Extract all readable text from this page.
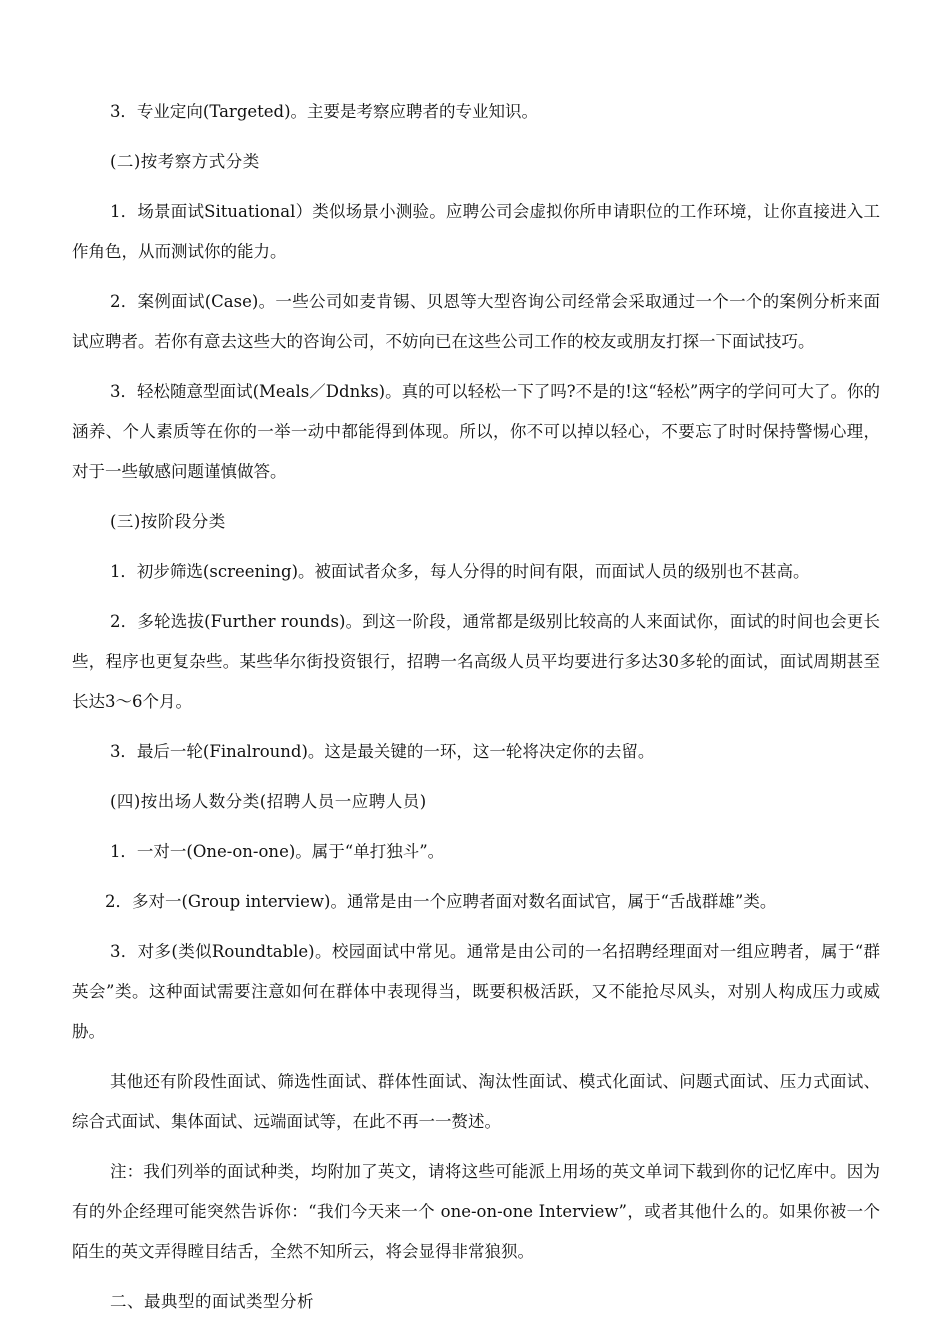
3．专业定向(Targeted)。主要是考察应聘者的专业知识。

(二)按考察方式分类

1．场景面试Situational）类似场景小测验。应聘公司会虚拟你所申请职位的工作环境，让你直接进入工作角色，从而测试你的能力。

2．案例面试(Case)。一些公司如麦肯锡、贝恩等大型咨询公司经常会采取通过一个一个的案例分析来面试应聘者。若你有意去这些大的咨询公司，不妨向已在这些公司工作的校友或朋友打探一下面试技巧。

3．轻松随意型面试(Meals／Ddnks)。真的可以轻松一下了吗?不是的!这“轻松”两字的学问可大了。你的涵养、个人素质等在你的一举一动中都能得到体现。所以，你不可以掉以轻心，不要忘了时时保持警惕心理，对于一些敏感问题谨慎做答。

(三)按阶段分类

1．初步筛选(screening)。被面试者众多，每人分得的时间有限，而面试人员的级别也不甚高。

2．多轮选拔(Further rounds)。到这一阶段，通常都是级别比较高的人来面试你，面试的时间也会更长些，程序也更复杂些。某些华尔街投资银行，招聘一名高级人员平均要进行多达30多轮的面试，面试周期甚至长达3～6个月。

3．最后一轮(Finalround)。这是最关键的一环，这一轮将决定你的去留。

(四)按出场人数分类(招聘人员一应聘人员)

1．一对一(One-on-one)。属于“单打独斗”。

2．多对一(Group interview)。通常是由一个应聘者面对数名面试官，属于“舌战群雄”类。

3．对多(类似Roundtable)。校园面试中常见。通常是由公司的一名招聘经理面对一组应聘者，属于“群英会”类。这种面试需要注意如何在群体中表现得当，既要积极活跃，又不能抢尽风头，对别人构成压力或威胁。

其他还有阶段性面试、筛选性面试、群体性面试、淘汰性面试、模式化面试、问题式面试、压力式面试、综合式面试、集体面试、远端面试等，在此不再一一赘述。

注：我们列举的面试种类，均附加了英文，请将这些可能派上用场的英文单词下载到你的记忆库中。因为有的外企经理可能突然告诉你：“我们今天来一个 one-on-one Interview”，或者其他什么的。如果你被一个陌生的英文弄得瞠目结舌，全然不知所云，将会显得非常狼狈。

二、最典型的面试类型分析
